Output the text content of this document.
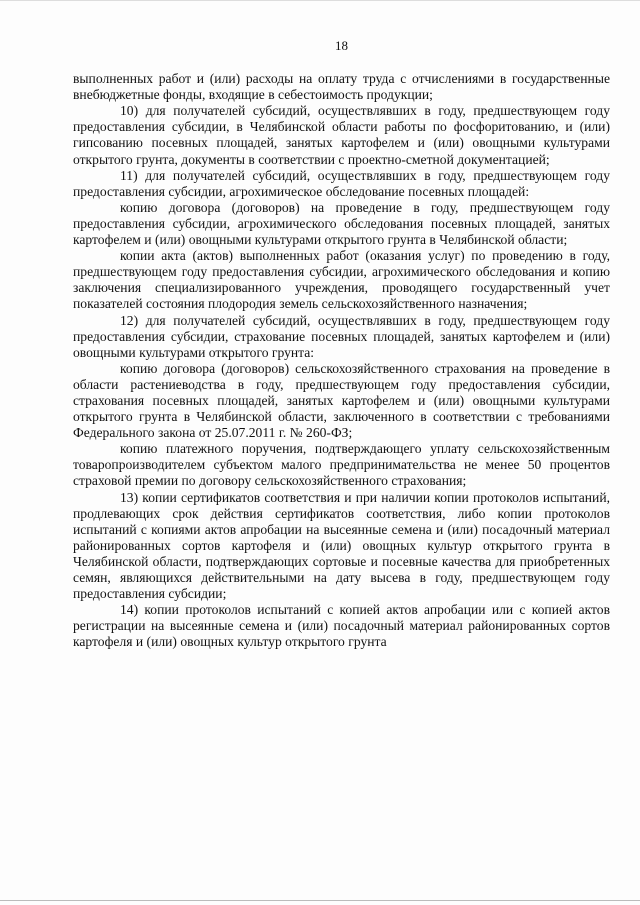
18

выполненных работ и (или) расходы на оплату труда с отчислениями в государственные внебюджетные фонды, входящие в себестоимость продукции;

10) для получателей субсидий, осуществлявших в году, предшествующем году предоставления субсидии, в Челябинской области работы по фосфоритованию, и (или) гипсованию посевных площадей, занятых картофелем и (или) овощными культурами открытого грунта, документы в соответствии с проектно-сметной документацией;

11) для получателей субсидий, осуществлявших в году, предшествующем году предоставления субсидии, агрохимическое обследование посевных площадей:

копию договора (договоров) на проведение в году, предшествующем году предоставления субсидии, агрохимического обследования посевных площадей, занятых картофелем и (или) овощными культурами открытого грунта в Челябинской области;

копии акта (актов) выполненных работ (оказания услуг) по проведению в году, предшествующем году предоставления субсидии, агрохимического обследования и копию заключения специализированного учреждения, проводящего государственный учет показателей состояния плодородия земель сельскохозяйственного назначения;

12) для получателей субсидий, осуществлявших в году, предшествующем году предоставления субсидии, страхование посевных площадей, занятых картофелем и (или) овощными культурами открытого грунта:

копию договора (договоров) сельскохозяйственного страхования на проведение в области растениеводства в году, предшествующем году предоставления субсидии, страхования посевных площадей, занятых картофелем и (или) овощными культурами открытого грунта в Челябинской области, заключенного в соответствии с требованиями Федерального закона от 25.07.2011 г. № 260-ФЗ;

копию платежного поручения, подтверждающего уплату сельскохозяйственным товаропроизводителем субъектом малого предпринимательства не менее 50 процентов страховой премии по договору сельскохозяйственного страхования;

13) копии сертификатов соответствия и при наличии копии протоколов испытаний, продлевающих срок действия сертификатов соответствия, либо копии протоколов испытаний с копиями актов апробации на высеянные семена и (или) посадочный материал районированных сортов картофеля и (или) овощных культур открытого грунта в Челябинской области, подтверждающих сортовые и посевные качества для приобретенных семян, являющихся действительными на дату высева в году, предшествующем году предоставления субсидии;

14) копии протоколов испытаний с копией актов апробации или с копией актов регистрации на высеянные семена и (или) посадочный материал районированных сортов картофеля и (или) овощных культур открытого грунта
